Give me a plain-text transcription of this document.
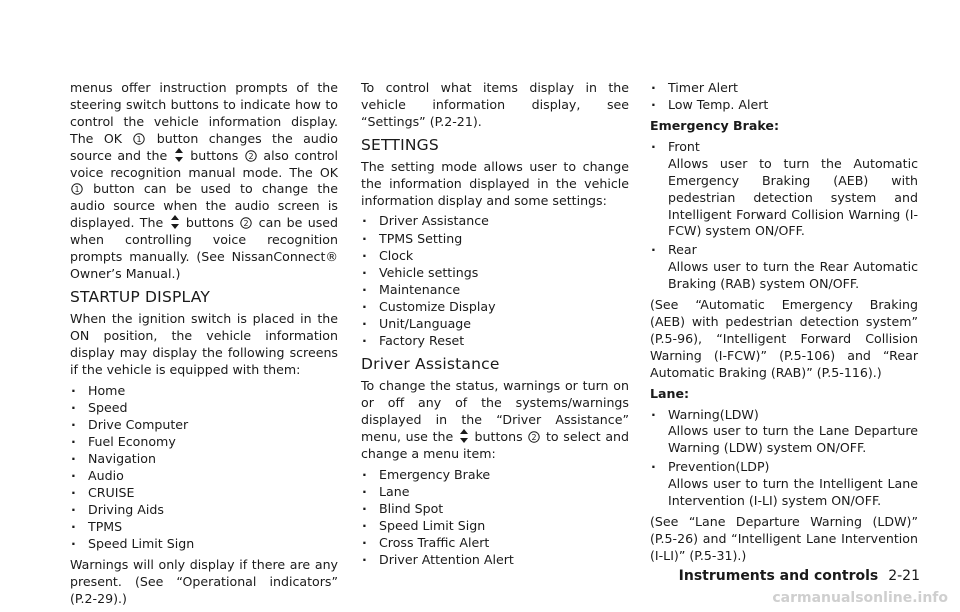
menus offer instruction prompts of the steering switch buttons to indicate how to control the vehicle information display. The OK 1 button changes the audio source and the  buttons 2 also control voice recognition manual mode. The OK
1 button can be used to change the audio source when the audio screen is displayed. The  buttons 2 can be used when controlling voice recognition prompts manually. (See NissanConnect® Owner’s Manual.)

STARTUP DISPLAY

When the ignition switch is placed in the ON position, the vehicle information display may display the following screens if the vehicle is equipped with them:

. Home
. Speed
. Drive Computer
. Fuel Economy
. Navigation
. Audio
. CRUISE
. Driving Aids
. TPMS
. Speed Limit Sign

Warnings will only display if there are any present. (See “Operational indicators” (P.2-29).)

To control what items display in the vehicle information display, see “Settings” (P.2-21).

SETTINGS

The setting mode allows user to change the information displayed in the vehicle information display and some settings:

. Driver Assistance
. TPMS Setting
. Clock
. Vehicle settings
. Maintenance
. Customize Display
. Unit/Language
. Factory Reset
Driver Assistance

To change the status, warnings or turn on or off any of the systems/warnings displayed in the “Driver Assistance” menu, use the  buttons 2 to select and change a menu item:

. Emergency Brake
. Lane
. Blind Spot
. Speed Limit Sign
. Cross Traffic Alert
. Driver Attention Alert
. Timer Alert
. Low Temp. Alert

Emergency Brake:

. Front
Allows user to turn the Automatic Emergency Braking (AEB) with pedestrian detection system and Intelligent Forward Collision Warning (I-FCW) system ON/OFF.
. Rear
Allows user to turn the Rear Automatic Braking (RAB) system ON/OFF.

(See “Automatic Emergency Braking (AEB) with pedestrian detection system” (P.5-96), “Intelligent Forward Collision Warning (I-FCW)” (P.5-106) and “Rear Automatic Braking (RAB)” (P.5-116).)

Lane:

. Warning(LDW)
Allows user to turn the Lane Departure Warning (LDW) system ON/OFF.
. Prevention(LDP)
Allows user to turn the Intelligent Lane Intervention (I-LI) system ON/OFF.

(See “Lane Departure Warning (LDW)” (P.5-26) and “Intelligent Lane Intervention (I-LI)” (P.5-31).)

Instruments and controls 2-21
carmanualsonline.info
